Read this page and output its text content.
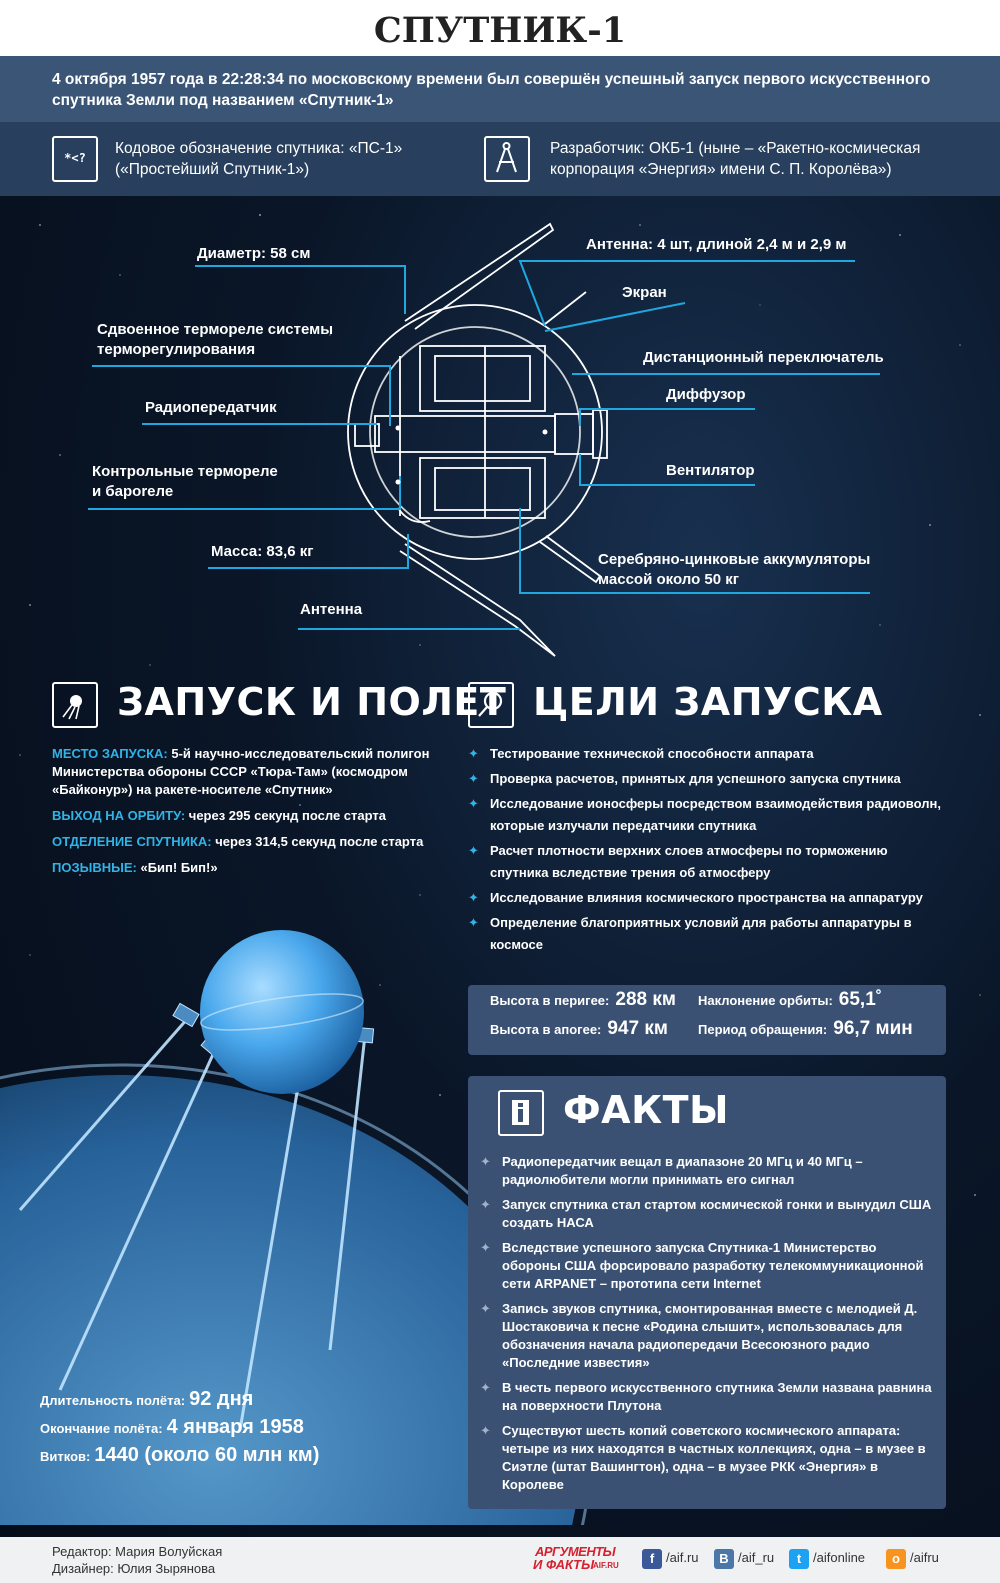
СПУТНИК-1
4 октября 1957 года в 22:28:34 по московскому времени был совершён успешный запуск первого искусственного спутника Земли под названием «Спутник-1»
*<?
Кодовое обозначение спутника: «ПС-1»
(«Простейший Спутник-1»)
Разработчик: ОКБ-1 (ныне – «Ракетно-космическая
корпорация «Энергия» имени С. П. Королёва»)
Диаметр: 58 см
Антенна: 4 шт, длиной 2,4 м и 2,9 м
Экран
Сдвоенное термореле системы
терморегулирования	Дистанционный переключатель
Радиопередатчик
Диффузор
Контрольные термореле
и бароreле
Вентилятор
Масса: 83,6 кг	Серебряно-цинковые аккумуляторы
массой около 50 кг
Антенна
ЗАПУСК И ПОЛЕТ

МЕСТО ЗАПУСКА: 5-й научно-исследовательский полигон Министерства обороны СССР «Тюра-Там» (космодром «Байконур») на ракете-носителе «Спутник»

ВЫХОД НА ОРБИТУ: через 295 секунд после старта

ОТДЕЛЕНИЕ СПУТНИКА: через 314,5 секунд после старта

ПОЗЫВНЫЕ: «Бип! Бип!»

ЦЕЛИ ЗАПУСКА
✦ Тестирование технической способности аппарата
✦ Проверка расчетов, принятых для успешного запуска спутника
✦ Исследование ионосферы посредством взаимодействия радиоволн, которые излучали передатчики спутника
✦ Расчет плотности верхних слоев атмосферы по торможению спутника вследствие трения об атмосферу
✦ Исследование влияния космического пространства на аппаратуру
✦ Определение благоприятных условий для работы аппаратуры в космосе
Высота в перигее: 288 км
Высота в апогее: 947 км
Наклонение орбиты: 65,1˚
Период обращения: 96,7 мин
ФАКТЫ
✦ Радиопередатчик вещал в диапазоне 20 МГц и 40 МГц – радиолюбители могли принимать его сигнал
✦ Запуск спутника стал стартом космической гонки и вынудил США создать НАСА
✦ Вследствие успешного запуска Спутника-1 Министерство обороны США форсировало разработку телекоммуникационной сети ARPANET – прототипа сети Internet
✦ Запись звуков спутника, смонтированная вместе с мелодией Д. Шостаковича к песне «Родина слышит», использовалась для обозначения начала радиопередачи Всесоюзного радио «Последние известия»
✦ В честь первого искусственного спутника Земли названа равнина на поверхности Плутона
✦ Существуют шесть копий советского космического аппарата: четыре из них находятся в частных коллекциях, одна – в музее в Сиэтле (штат Вашингтон), одна – в музее РКК «Энергия» в Королеве
Длительность полёта: 92 дня
Окончание полёта: 4 января 1958
Витков: 1440 (около 60 млн км)
Редактор: Мария Волуйская
Дизайнер: Юлия Зырянова
АРГУМЕНТЫ
И ФАКТЫ
AIF.RU	f /aif.ru	В /aif_ru	t /aifonline	о /aifru
